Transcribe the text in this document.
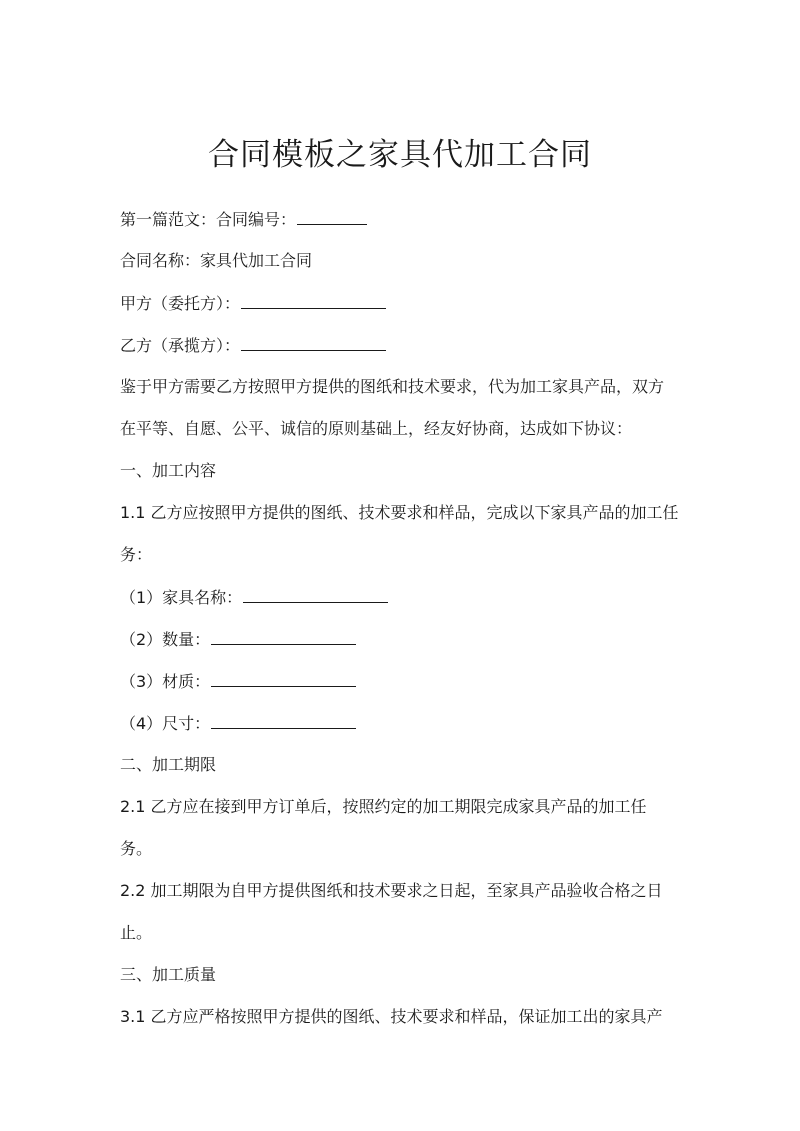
合同模板之家具代加工合同

第一篇范文：合同编号：

合同名称：家具代加工合同

甲方（委托方）：

乙方（承揽方）：

鉴于甲方需要乙方按照甲方提供的图纸和技术要求，代为加工家具产品，双方

在平等、自愿、公平、诚信的原则基础上，经友好协商，达成如下协议：

一、加工内容

1.1 乙方应按照甲方提供的图纸、技术要求和样品，完成以下家具产品的加工任

务：

（1）家具名称：

（2）数量：

（3）材质：

（4）尺寸：

二、加工期限

2.1 乙方应在接到甲方订单后，按照约定的加工期限完成家具产品的加工任

务。

2.2 加工期限为自甲方提供图纸和技术要求之日起，至家具产品验收合格之日

止。

三、加工质量

3.1 乙方应严格按照甲方提供的图纸、技术要求和样品，保证加工出的家具产
